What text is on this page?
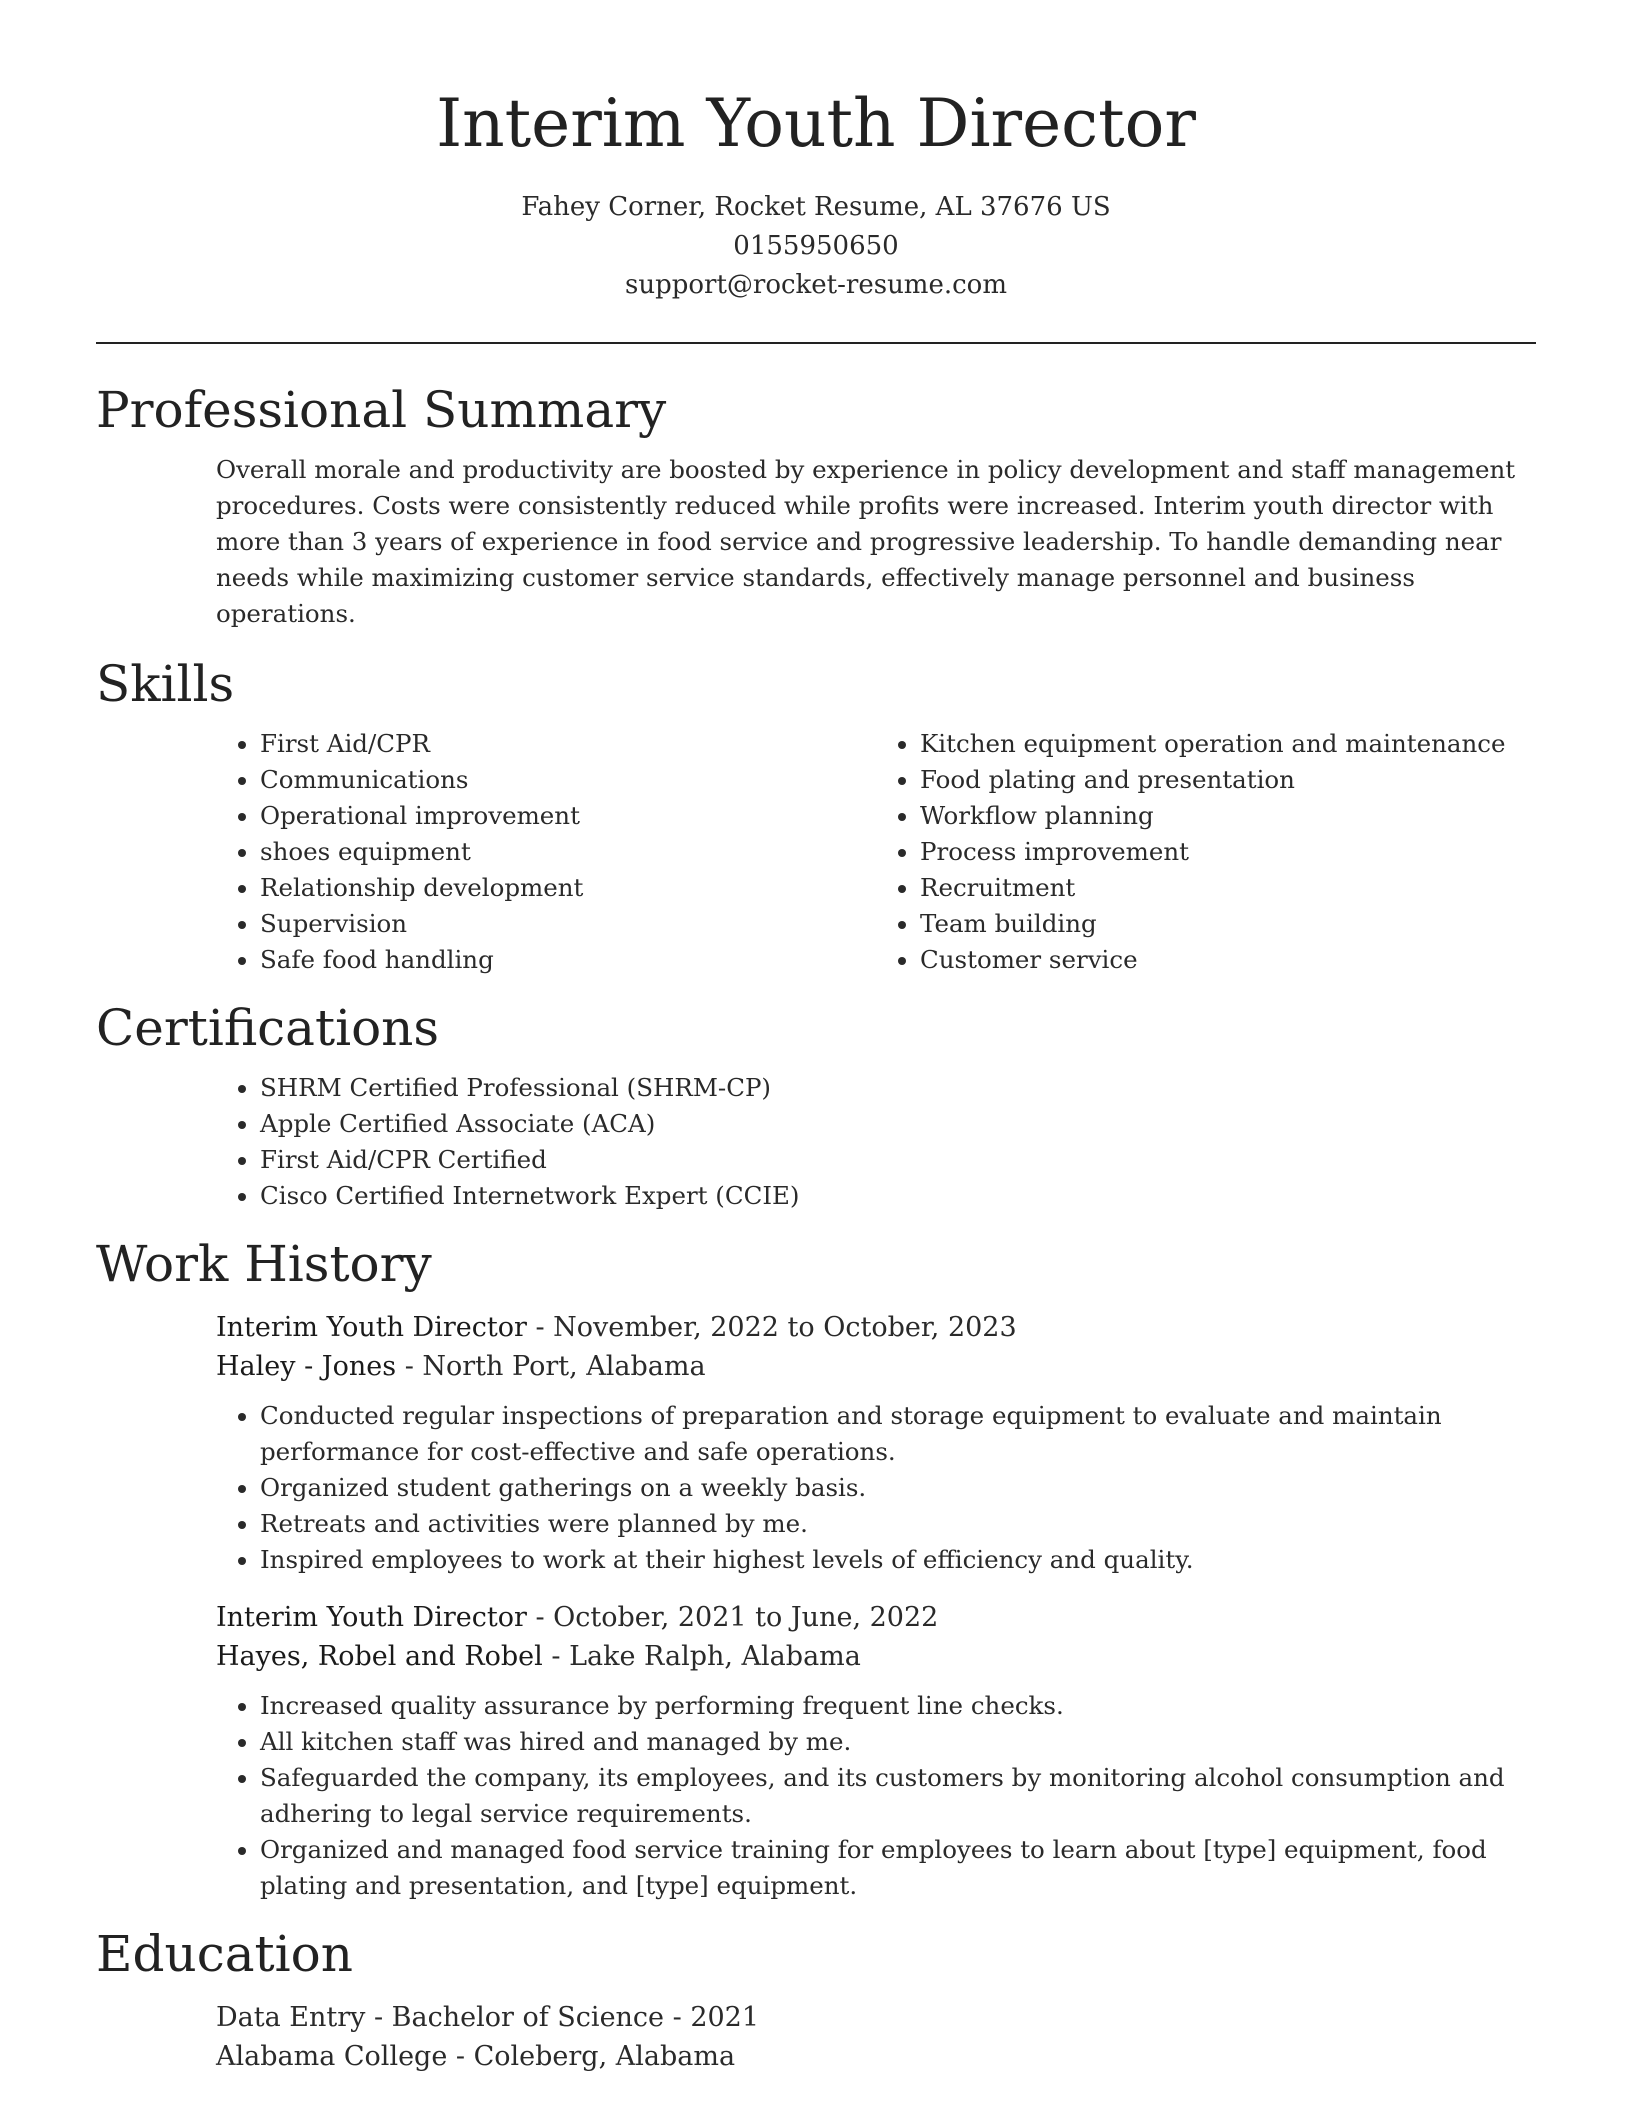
Interim Youth Director
Fahey Corner, Rocket Resume, AL 37676 US
0155950650
support@rocket-resume.com
Professional Summary

Overall morale and productivity are boosted by experience in policy development and staff management procedures. Costs were consistently reduced while profits were increased. Interim youth director with more than 3 years of experience in food service and progressive leadership. To handle demanding near needs while maximizing customer service standards, effectively manage personnel and business operations.

Skills
• First Aid/CPR
• Communications
• Operational improvement
• shoes equipment
• Relationship development
• Supervision
• Safe food handling
• Kitchen equipment operation and maintenance
• Food plating and presentation
• Workflow planning
• Process improvement
• Recruitment
• Team building
• Customer service
Certifications
• SHRM Certified Professional (SHRM-CP)
• Apple Certified Associate (ACA)
• First Aid/CPR Certified
• Cisco Certified Internetwork Expert (CCIE)
Work History
Interim Youth Director - November, 2022 to October, 2023
Haley - Jones - North Port, Alabama
• Conducted regular inspections of preparation and storage equipment to evaluate and maintain performance for cost-effective and safe operations.
• Organized student gatherings on a weekly basis.
• Retreats and activities were planned by me.
• Inspired employees to work at their highest levels of efficiency and quality.
Interim Youth Director - October, 2021 to June, 2022
Hayes, Robel and Robel - Lake Ralph, Alabama
• Increased quality assurance by performing frequent line checks.
• All kitchen staff was hired and managed by me.
• Safeguarded the company, its employees, and its customers by monitoring alcohol consumption and adhering to legal service requirements.
• Organized and managed food service training for employees to learn about [type] equipment, food plating and presentation, and [type] equipment.
Education
Data Entry - Bachelor of Science - 2021
Alabama College - Coleberg, Alabama
